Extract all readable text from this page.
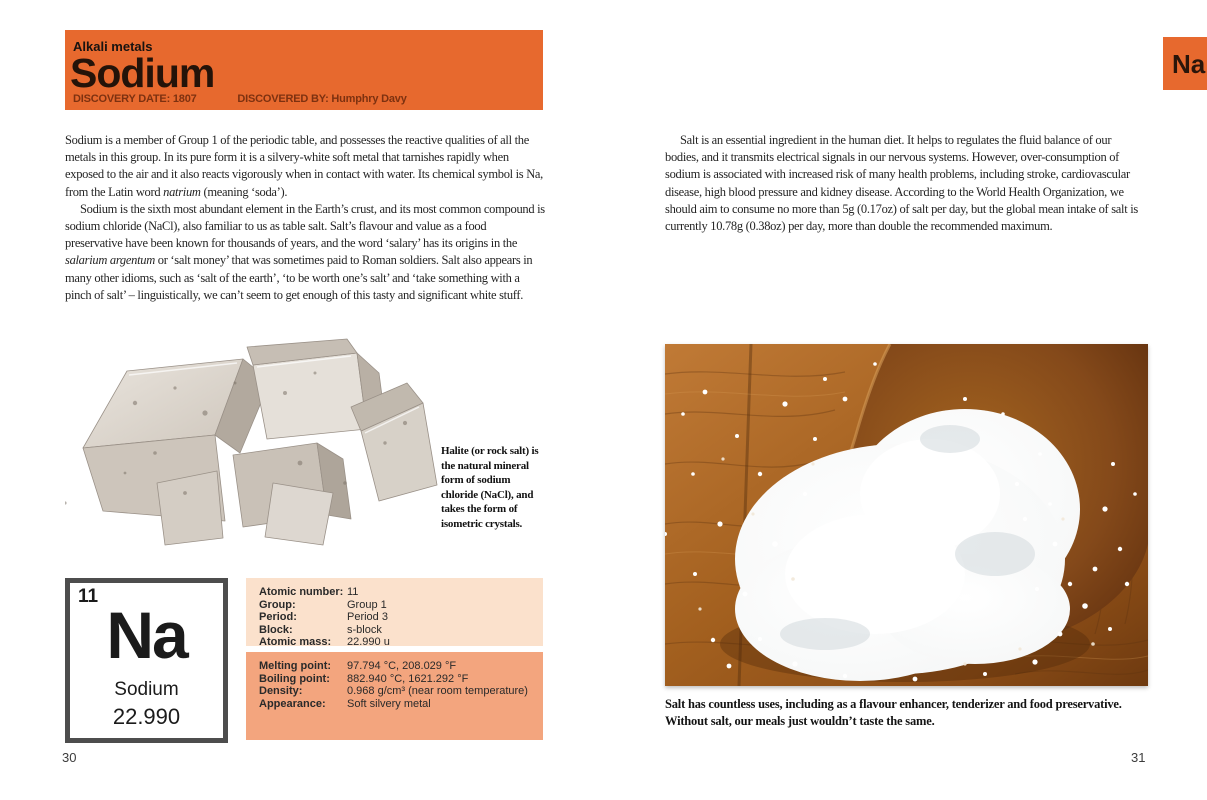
Alkali metals
Sodium
DISCOVERY DATE: 1807	DISCOVERED BY: Humphry Davy

Sodium is a member of Group 1 of the periodic table, and possesses the reactive qualities of all the metals in this group. In its pure form it is a silvery-white soft metal that tarnishes rapidly when exposed to the air and it also reacts vigorously when in contact with water. Its chemical symbol is Na, from the Latin word natrium (meaning ‘soda’).

Sodium is the sixth most abundant element in the Earth’s crust, and its most common compound is sodium chloride (NaCl), also familiar to us as table salt. Salt’s flavour and value as a food preservative have been known for thousands of years, and the word ‘salary’ has its origins in the salarium argentum or ‘salt money’ that was sometimes paid to Roman soldiers. Salt also appears in many other idioms, such as ‘salt of the earth’, ‘to be worth one’s salt’ and ‘take something with a pinch of salt’ – linguistically, we can’t seem to get enough of this tasty and significant white stuff.

Halite (or rock salt) is the natural mineral form of sodium chloride (NaCl), and takes the form of isometric crystals.
11
Na
Sodium
22.990
Atomic number: 11
Group:	Group 1
Period:	Period 3
Block:	s-block
Atomic mass: 22.990 u
Melting point: 97.794 °C, 208.029 °F
Boiling point: 882.940 °C, 1621.292 °F
Density:	0.968 g/cm³ (near room temperature)
Appearance: Soft silvery metal
30
Na

Salt is an essential ingredient in the human diet. It helps to regulates the fluid balance of our bodies, and it transmits electrical signals in our nervous systems. However, over-consumption of sodium is associated with increased risk of many health problems, including stroke, cardiovascular disease, high blood pressure and kidney disease. According to the World Health Organization, we should aim to consume no more than 5g (0.17oz) of salt per day, but the global mean intake of salt is currently 10.78g (0.38oz) per day, more than double the recommended maximum.

Salt has countless uses, including as a flavour enhancer, tenderizer and food preservative. Without salt, our meals just wouldn’t taste the same.
31
